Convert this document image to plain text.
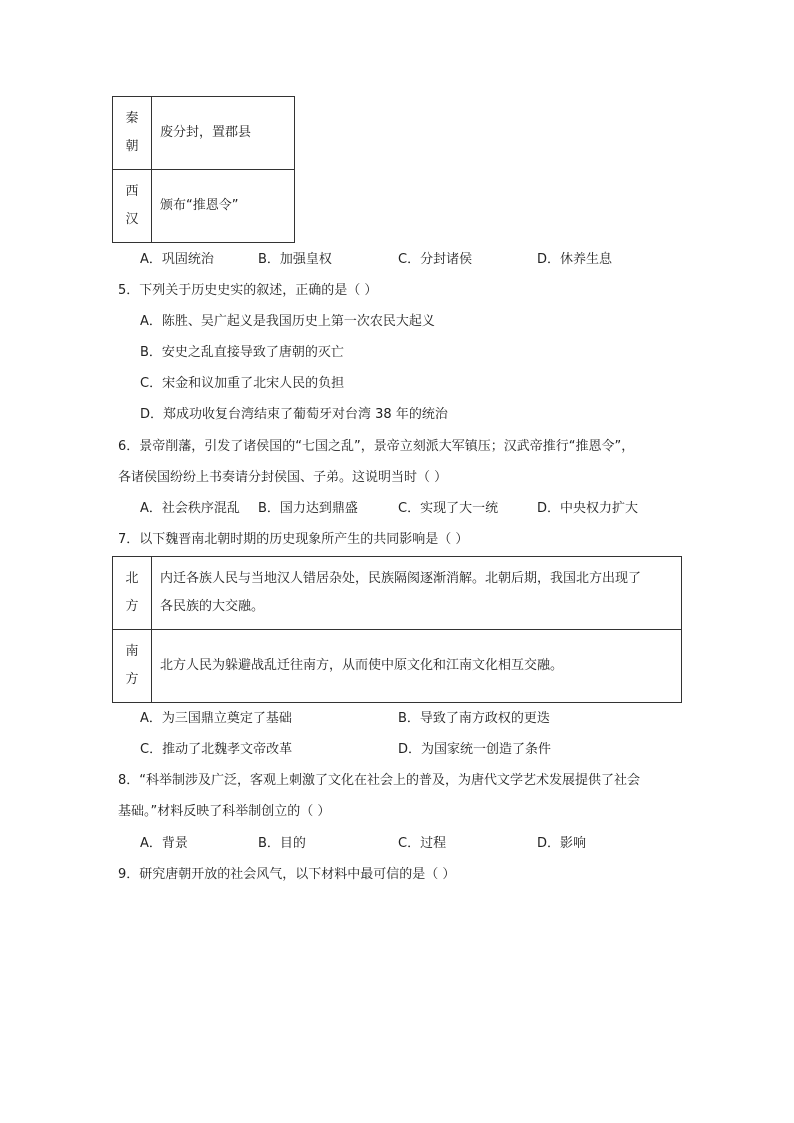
秦
朝	废分封，置郡县

西
汉	颁布“推恩令”
A．巩固统治	B．加强皇权	C．分封诸侯	D．休养生息
5．下列关于历史史实的叙述，正确的是（ ）
A．陈胜、吴广起义是我国历史上第一次农民大起义
B．安史之乱直接导致了唐朝的灭亡
C．宋金和议加重了北宋人民的负担
D．郑成功收复台湾结束了葡萄牙对台湾 38 年的统治
6．景帝削藩，引发了诸侯国的“七国之乱”，景帝立刻派大军镇压；汉武帝推行“推恩令”，
各诸侯国纷纷上书奏请分封侯国、子弟。这说明当时（ ）
A．社会秩序混乱 B．国力达到鼎盛	C．实现了大一统	D．中央权力扩大
7．以下魏晋南北朝时期的历史现象所产生的共同影响是（ ）
北
方	内迁各族人民与当地汉人错居杂处，民族隔阂逐渐消解。北朝后期，我国北方出现了
各民族的大交融。

南
方	北方人民为躲避战乱迁往南方，从而使中原文化和江南文化相互交融。
A．为三国鼎立奠定了基础	B．导致了南方政权的更迭
C．推动了北魏孝文帝改革	D．为国家统一创造了条件
8．“科举制涉及广泛，客观上刺激了文化在社会上的普及，为唐代文学艺术发展提供了社会
基础。”材料反映了科举制创立的（ ）
A．背景	B．目的	C．过程	D．影响
9．研究唐朝开放的社会风气，以下材料中最可信的是（ ）
